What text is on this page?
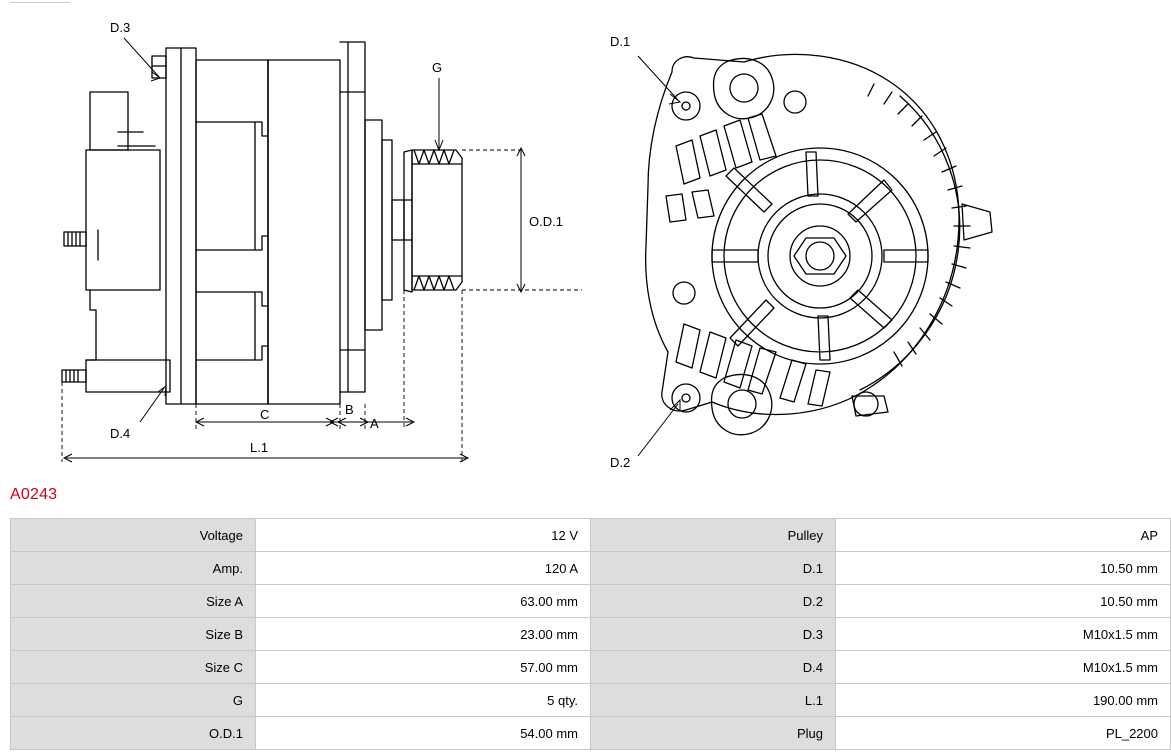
D.3
D.4
G
O.D.1
A
B
C
L.1
D.1
D.2
A0243
Voltage	12 V	Pulley	AP
Amp.	120 A	D.1	10.50 mm
Size A	63.00 mm	D.2	10.50 mm
Size B	23.00 mm	D.3	M10x1.5 mm
Size C	57.00 mm	D.4	M10x1.5 mm
G	5 qty.	L.1	190.00 mm
O.D.1	54.00 mm	Plug	PL_2200
